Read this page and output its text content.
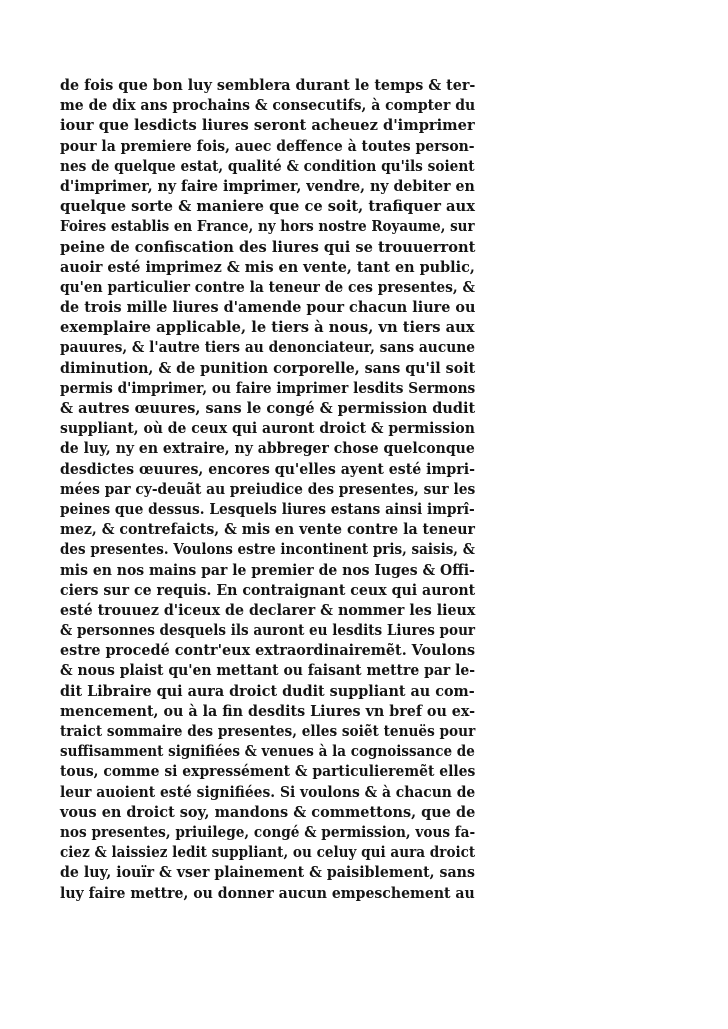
de fois que bon luy semblera durant le temps & ter-
me de dix ans prochains & consecutifs, à compter du
iour que lesdicts liures seront acheuez d'imprimer
pour la premiere fois, auec deffence à toutes person-
nes de quelque estat, qualité & condition qu'ils soient
d'imprimer, ny faire imprimer, vendre, ny debiter en
quelque sorte & maniere que ce soit, trafiquer aux
Foires establis en France, ny hors nostre Royaume, sur
peine de confiscation des liures qui se trouuerront
auoir esté imprimez & mis en vente, tant en public,
qu'en particulier contre la teneur de ces presentes, &
de trois mille liures d'amende pour chacun liure ou
exemplaire applicable, le tiers à nous, vn tiers aux
pauures, & l'autre tiers au denonciateur, sans aucune
diminution, & de punition corporelle, sans qu'il soit
permis d'imprimer, ou faire imprimer lesdits Sermons
& autres œuures, sans le congé & permission dudit
suppliant, où de ceux qui auront droict & permission
de luy, ny en extraire, ny abbreger chose quelconque
desdictes œuures, encores qu'elles ayent esté impri-
mées par cy-deuãt au preiudice des presentes, sur les
peines que dessus. Lesquels liures estans ainsi imprî-
mez, & contrefaicts, & mis en vente contre la teneur
des presentes. Voulons estre incontinent pris, saisis, &
mis en nos mains par le premier de nos Iuges & Offi-
ciers sur ce requis. En contraignant ceux qui auront
esté trouuez d'iceux de declarer & nommer les lieux
& personnes desquels ils auront eu lesdits Liures pour
estre procedé contr'eux extraordinairemẽt. Voulons
& nous plaist qu'en mettant ou faisant mettre par le-
dit Libraire qui aura droict dudit suppliant au com-
mencement, ou à la fin desdits Liures vn bref ou ex-
traict sommaire des presentes, elles soiẽt tenuës pour
suffisamment signifiées & venues à la cognoissance de
tous, comme si expressément & particulieremẽt elles
leur auoient esté signifiées. Si voulons & à chacun de
vous en droict soy, mandons & commettons, que de
nos presentes, priuilege, congé & permission, vous fa-
ciez & laissiez ledit suppliant, ou celuy qui aura droict
de luy, iouïr & vser plainement & paisiblement, sans
luy faire mettre, ou donner aucun empeschement au
